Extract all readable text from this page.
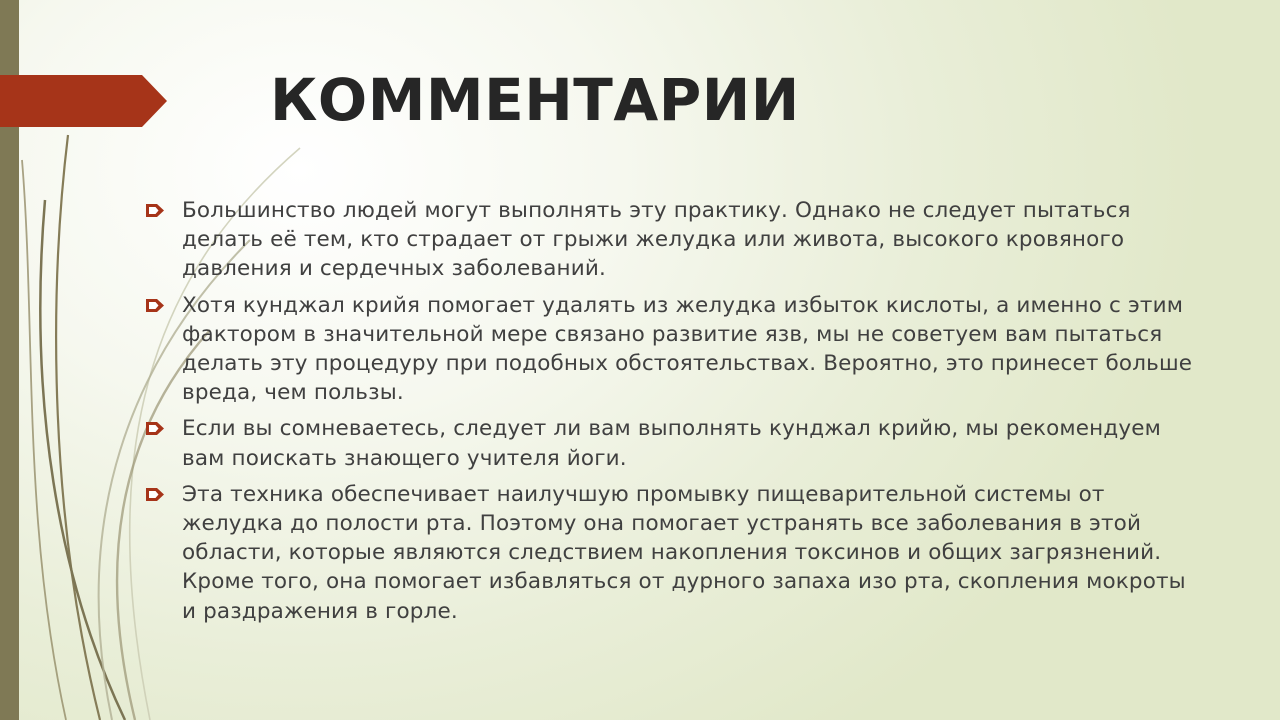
КОММЕНТАРИИ
Большинство людей могут выполнять эту практику. Однако не следует пытаться делать её тем, кто страдает от грыжи желудка или живота, высокого кровяного давления и сердечных заболеваний.
Хотя кунджал крийя помогает удалять из желудка избыток кислоты, а именно с этим фактором в значительной мере связано развитие язв, мы не советуем вам пытаться делать эту процедуру при подобных обстоятельствах. Вероятно, это принесет больше вреда, чем пользы.
Если вы сомневаетесь, следует ли вам выполнять кунджал крийю, мы рекомендуем вам поискать знающего учителя йоги.
Эта техника обеспечивает наилучшую промывку пищеварительной системы от желудка до полости рта. Поэтому она помогает устранять все заболевания в этой области, которые являются следствием накопления токсинов и общих загрязнений. Кроме того, она помогает избавляться от дурного запаха изо рта, скопления мокроты и раздражения в горле.
